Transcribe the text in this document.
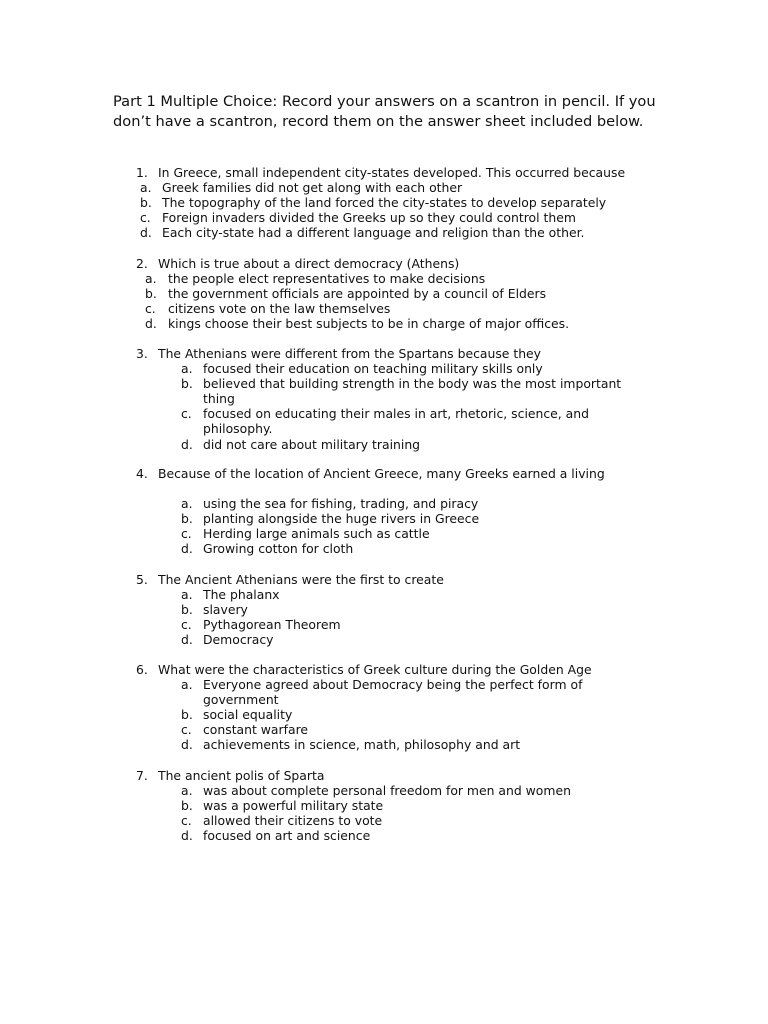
Part 1 Multiple Choice: Record your answers on a scantron in pencil. If you don’t have a scantron, record them on the answer sheet included below.

1. In Greece, small independent city-states developed. This occurred because
a. Greek families did not get along with each other
b. The topography of the land forced the city-states to develop separately
c. Foreign invaders divided the Greeks up so they could control them
d. Each city-state had a different language and religion than the other.
2. Which is true about a direct democracy (Athens)
a. the people elect representatives to make decisions
b. the government officials are appointed by a council of Elders
c. citizens vote on the law themselves
d. kings choose their best subjects to be in charge of major offices.
3. The Athenians were different from the Spartans because they
a. focused their education on teaching military skills only
b. believed that building strength in the body was the most important thing
c. focused on educating their males in art, rhetoric, science, and philosophy.
d. did not care about military training
4. Because of the location of Ancient Greece, many Greeks earned a living
a. using the sea for fishing, trading, and piracy
b. planting alongside the huge rivers in Greece
c. Herding large animals such as cattle
d. Growing cotton for cloth
5. The Ancient Athenians were the first to create
a. The phalanx
b. slavery
c. Pythagorean Theorem
d. Democracy
6. What were the characteristics of Greek culture during the Golden Age
a. Everyone agreed about Democracy being the perfect form of government
b. social equality
c. constant warfare
d. achievements in science, math, philosophy and art
7. The ancient polis of Sparta
a. was about complete personal freedom for men and women
b. was a powerful military state
c. allowed their citizens to vote
d. focused on art and science
